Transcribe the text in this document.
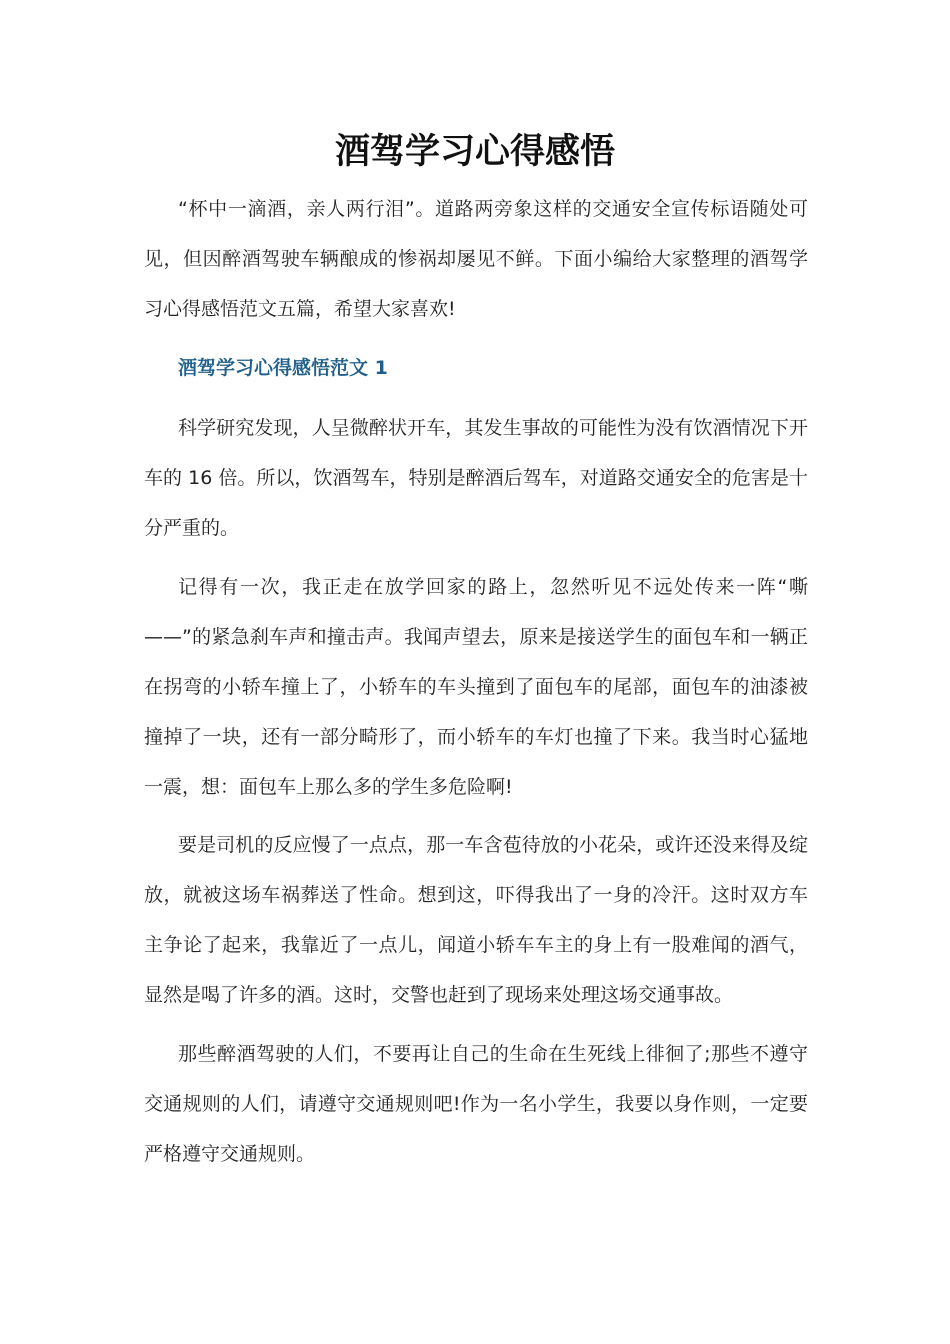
酒驾学习心得感悟

“杯中一滴酒，亲人两行泪”。道路两旁象这样的交通安全宣传标语随处可见，但因醉酒驾驶车辆酿成的惨祸却屡见不鲜。下面小编给大家整理的酒驾学习心得感悟范文五篇，希望大家喜欢!

酒驾学习心得感悟范文 1

科学研究发现，人呈微醉状开车，其发生事故的可能性为没有饮酒情况下开车的 16 倍。所以，饮酒驾车，特别是醉酒后驾车，对道路交通安全的危害是十分严重的。

记得有一次，我正走在放学回家的路上，忽然听见不远处传来一阵“嘶——”的紧急刹车声和撞击声。我闻声望去，原来是接送学生的面包车和一辆正在拐弯的小轿车撞上了，小轿车的车头撞到了面包车的尾部，面包车的油漆被撞掉了一块，还有一部分畸形了，而小轿车的车灯也撞了下来。我当时心猛地一震，想：面包车上那么多的学生多危险啊!

要是司机的反应慢了一点点，那一车含苞待放的小花朵，或许还没来得及绽放，就被这场车祸葬送了性命。想到这，吓得我出了一身的冷汗。这时双方车主争论了起来，我靠近了一点儿，闻道小轿车车主的身上有一股难闻的酒气，显然是喝了许多的酒。这时，交警也赶到了现场来处理这场交通事故。

那些醉酒驾驶的人们，不要再让自己的生命在生死线上徘徊了;那些不遵守交通规则的人们，请遵守交通规则吧!作为一名小学生，我要以身作则，一定要严格遵守交通规则。
